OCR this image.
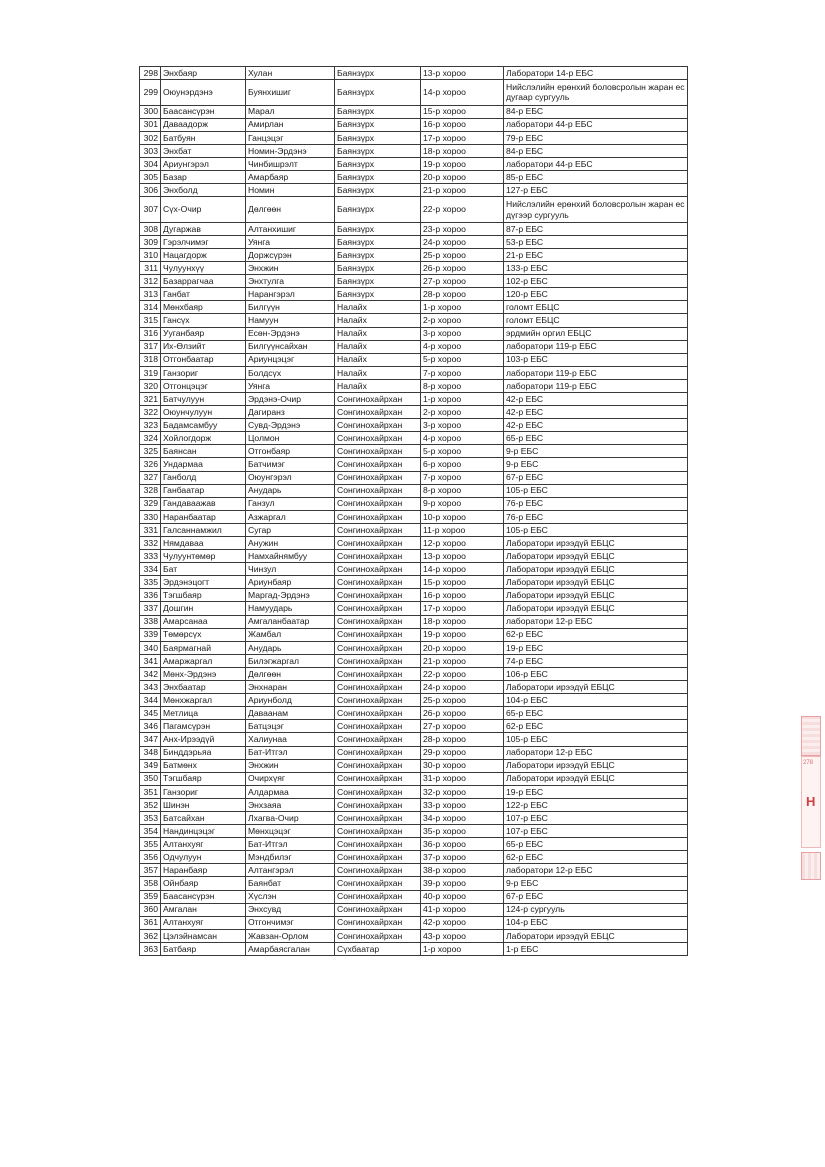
298	Энхбаяр	Хулан	Баянзүрх	13-р хороо	Лаборатори 14-р ЕБС
299	Оюунэрдэнэ	Буянхишиг	Баянзүрх	14-р хороо	Нийслэлийн ерөнхий боловсролын жаран ес дугаар сургууль
300	Баасансүрэн	Марал	Баянзүрх	15-р хороо	84-р ЕБС
301	Даваадорж	Амирлан	Баянзүрх	16-р хороо	лаборатори 44-р ЕБС
302	Батбуян	Ганцэцэг	Баянзүрх	17-р хороо	79-р ЕБС
303	Энхбат	Номин-Эрдэнэ	Баянзүрх	18-р хороо	84-р ЕБС
304	Ариунгэрэл	Чинбишрэлт	Баянзүрх	19-р хороо	лаборатори 44-р ЕБС
305	Базар	Амарбаяр	Баянзүрх	20-р хороо	85-р ЕБС
306	Энхболд	Номин	Баянзүрх	21-р хороо	127-р ЕБС
307	Сүх-Очир	Дөлгөөн	Баянзүрх	22-р хороо	Нийслэлийн ерөнхий боловсролын жаран ес дүгээр сургууль
308	Дугаржав	Алтанхишиг	Баянзүрх	23-р хороо	87-р ЕБС
309	Гэрэлчимэг	Уянга	Баянзүрх	24-р хороо	53-р ЕБС
310	Нацагдорж	Доржсүрэн	Баянзүрх	25-р хороо	21-р ЕБС
311	Чулуунхүү	Энхжин	Баянзүрх	26-р хороо	133-р ЕБС
312	Базаррагчаа	Энхтулга	Баянзүрх	27-р хороо	102-р ЕБС
313	Ганбат	Нарангэрэл	Баянзүрх	28-р хороо	120-р ЕБС
314	Мөнхбаяр	Билгүүн	Налайх	1-р хороо	голомт ЕБЦС
315	Гансүх	Намуун	Налайх	2-р хороо	голомт ЕБЦС
316	Ууганбаяр	Есөн-Эрдэнэ	Налайх	3-р хороо	эрдмийн оргил ЕБЦС
317	Их-Өлзийт	Билгүүнсайхан	Налайх	4-р хороо	лаборатори 119-р ЕБС
318	Отгонбаатар	Ариунцэцэг	Налайх	5-р хороо	103-р ЕБС
319	Ганзориг	Болдсүх	Налайх	7-р хороо	лаборатори 119-р ЕБС
320	Отгонцэцэг	Уянга	Налайх	8-р хороо	лаборатори 119-р ЕБС
321	Батчулуун	Эрдэнэ-Очир	Сонгинохайрхан	1-р хороо	42-р ЕБС
322	Оюунчулуун	Дагиранз	Сонгинохайрхан	2-р хороо	42-р ЕБС
323	Бадамсамбуу	Сувд-Эрдэнэ	Сонгинохайрхан	3-р хороо	42-р ЕБС
324	Хойлогдорж	Цолмон	Сонгинохайрхан	4-р хороо	65-р ЕБС
325	Баянсан	Отгонбаяр	Сонгинохайрхан	5-р хороо	9-р ЕБС
326	Ундармаа	Батчимэг	Сонгинохайрхан	6-р хороо	9-р ЕБС
327	Ганболд	Оюунгэрэл	Сонгинохайрхан	7-р хороо	67-р ЕБС
328	Ганбаатар	Анударь	Сонгинохайрхан	8-р хороо	105-р ЕБС
329	Гандаваажав	Ганзул	Сонгинохайрхан	9-р хороо	76-р ЕБС
330	Наранбаатар	Азжаргал	Сонгинохайрхан	10-р хороо	76-р ЕБС
331	Галсаннамжил	Сугар	Сонгинохайрхан	11-р хороо	105-р ЕБС
332	Нямдаваа	Анужин	Сонгинохайрхан	12-р хороо	Лаборатори ирээдүй ЕБЦС
333	Чулуунтөмөр	Намхайнямбуу	Сонгинохайрхан	13-р хороо	Лаборатори ирээдүй ЕБЦС
334	Бат	Чинзул	Сонгинохайрхан	14-р хороо	Лаборатори ирээдүй ЕБЦС
335	Эрдэнэцогт	Ариунбаяр	Сонгинохайрхан	15-р хороо	Лаборатори ирээдүй ЕБЦС
336	Тэгшбаяр	Маргад-Эрдэнэ	Сонгинохайрхан	16-р хороо	Лаборатори ирээдүй ЕБЦС
337	Дошгин	Намуударь	Сонгинохайрхан	17-р хороо	Лаборатори ирээдүй ЕБЦС
338	Амарсанаа	Амгаланбаатар	Сонгинохайрхан	18-р хороо	лаборатори 12-р ЕБС
339	Төмөрсүх	Жамбал	Сонгинохайрхан	19-р хороо	62-р ЕБС
340	Баярмагнай	Анударь	Сонгинохайрхан	20-р хороо	19-р ЕБС
341	Амаржаргал	Билэгжаргал	Сонгинохайрхан	21-р хороо	74-р ЕБС
342	Мөнх-Эрдэнэ	Дөлгөөн	Сонгинохайрхан	22-р хороо	106-р ЕБС
343	Энхбаатар	Энхнаран	Сонгинохайрхан	24-р хороо	Лаборатори ирээдүй ЕБЦС
344	Мөнхжаргал	Ариунболд	Сонгинохайрхан	25-р хороо	104-р ЕБС
345	Метлица	Даваанам	Сонгинохайрхан	26-р хороо	65-р ЕБС
346	Пагамсүрэн	Батцэцэг	Сонгинохайрхан	27-р хороо	62-р ЕБС
347	Анх-Ирээдүй	Халиунаа	Сонгинохайрхан	28-р хороо	105-р ЕБС
348	Бинддэрьяа	Бат-Итгэл	Сонгинохайрхан	29-р хороо	лаборатори 12-р ЕБС
349	Батмөнх	Энхжин	Сонгинохайрхан	30-р хороо	Лаборатори ирээдүй ЕБЦС
350	Тэгшбаяр	Очирхүяг	Сонгинохайрхан	31-р хороо	Лаборатори ирээдүй ЕБЦС
351	Ганзориг	Алдармаа	Сонгинохайрхан	32-р хороо	19-р ЕБС
352	Шинэн	Энхзаяа	Сонгинохайрхан	33-р хороо	122-р ЕБС
353	Батсайхан	Лхагва-Очир	Сонгинохайрхан	34-р хороо	107-р ЕБС
354	Нандинцэцэг	Мөнхцэцэг	Сонгинохайрхан	35-р хороо	107-р ЕБС
355	Алтанхуяг	Бат-Итгэл	Сонгинохайрхан	36-р хороо	65-р ЕБС
356	Одчулуун	Мэндбилэг	Сонгинохайрхан	37-р хороо	62-р ЕБС
357	Наранбаяр	Алтангэрэл	Сонгинохайрхан	38-р хороо	лаборатори 12-р ЕБС
358	Ойнбаяр	Баянбат	Сонгинохайрхан	39-р хороо	9-р ЕБС
359	Баасансүрэн	Хүслэн	Сонгинохайрхан	40-р хороо	67-р ЕБС
360	Амгалан	Энхсувд	Сонгинохайрхан	41-р хороо	124-р сургууль
361	Алтанхуяг	Отгончимэг	Сонгинохайрхан	42-р хороо	104-р ЕБС
362	Цэлэйнамсан	Жавзан-Орлом	Сонгинохайрхан	43-р хороо	Лаборатори ирээдүй ЕБЦС
363	Батбаяр	Амарбаясгалан	Сүхбаатар	1-р хороо	1-р ЕБС
278
Н
